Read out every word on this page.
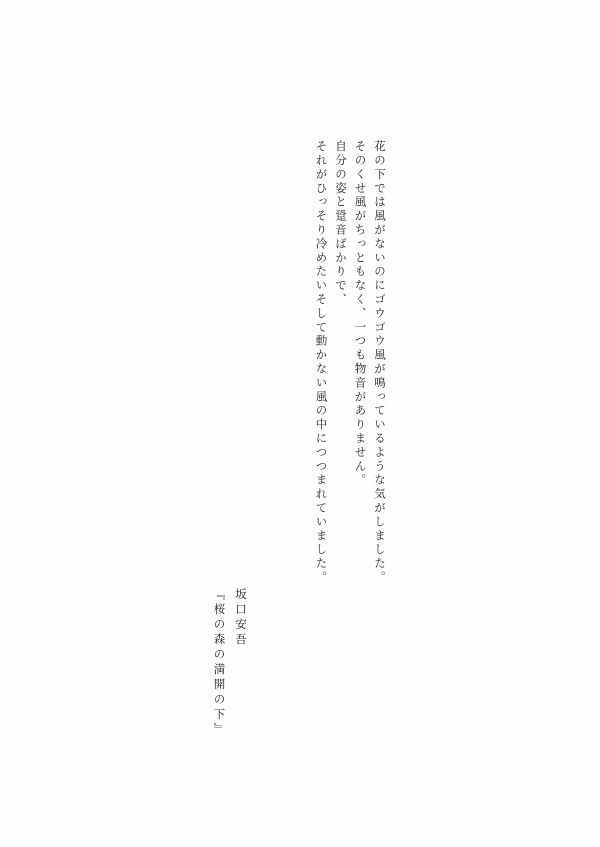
花の下では風がないのにゴウゴウ風が鳴っているような気がしました。
そのくせ風がちっともなく、一つも物音がありません。
自分の姿と跫音ばかりで、
それがひっそり冷めたいそして動かない風の中につつまれていました。
坂口安吾
『桜の森の満開の下』
